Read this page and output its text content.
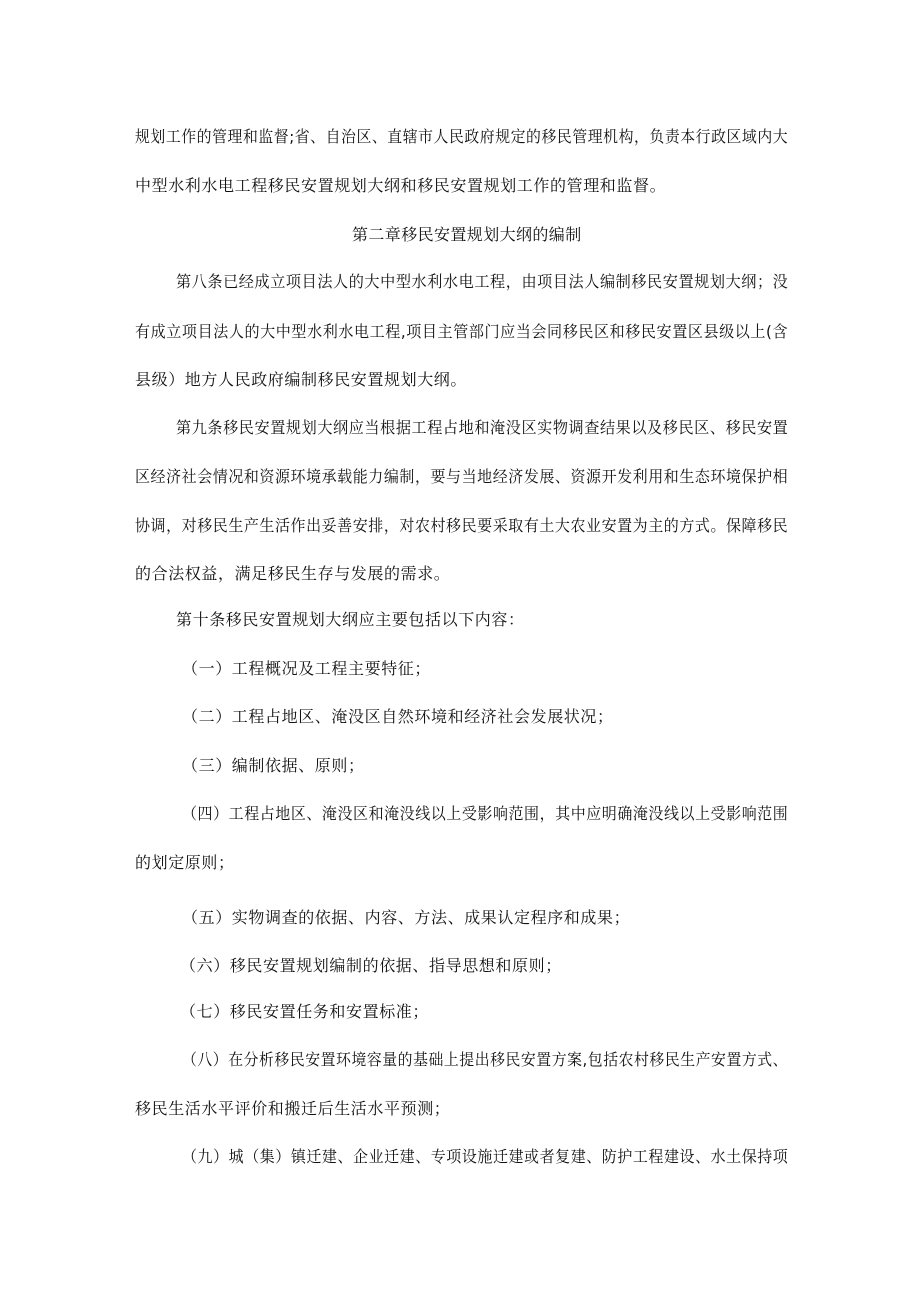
规划工作的管理和监督;省、自治区、直辖市人民政府规定的移民管理机构，负责本行政区域内大
中型水利水电工程移民安置规划大纲和移民安置规划工作的管理和监督。
第二章移民安置规划大纲的编制
第八条已经成立项目法人的大中型水利水电工程，由项目法人编制移民安置规划大纲；没
有成立项目法人的大中型水利水电工程,项目主管部门应当会同移民区和移民安置区县级以上(含
县级）地方人民政府编制移民安置规划大纲。
第九条移民安置规划大纲应当根据工程占地和淹没区实物调查结果以及移民区、移民安置
区经济社会情况和资源环境承载能力编制，要与当地经济发展、资源开发利用和生态环境保护相
协调，对移民生产生活作出妥善安排，对农村移民要采取有土大农业安置为主的方式。保障移民
的合法权益，满足移民生存与发展的需求。
第十条移民安置规划大纲应主要包括以下内容：
（一）工程概况及工程主要特征；
（二）工程占地区、淹没区自然环境和经济社会发展状况；
（三）编制依据、原则；
（四）工程占地区、淹没区和淹没线以上受影响范围，其中应明确淹没线以上受影响范围
的划定原则；
（五）实物调查的依据、内容、方法、成果认定程序和成果；
（六）移民安置规划编制的依据、指导思想和原则；
（七）移民安置任务和安置标准；
（八）在分析移民安置环境容量的基础上提出移民安置方案,包括农村移民生产安置方式、
移民生活水平评价和搬迁后生活水平预测；
（九）城（集）镇迁建、企业迁建、专项设施迁建或者复建、防护工程建设、水土保持项
